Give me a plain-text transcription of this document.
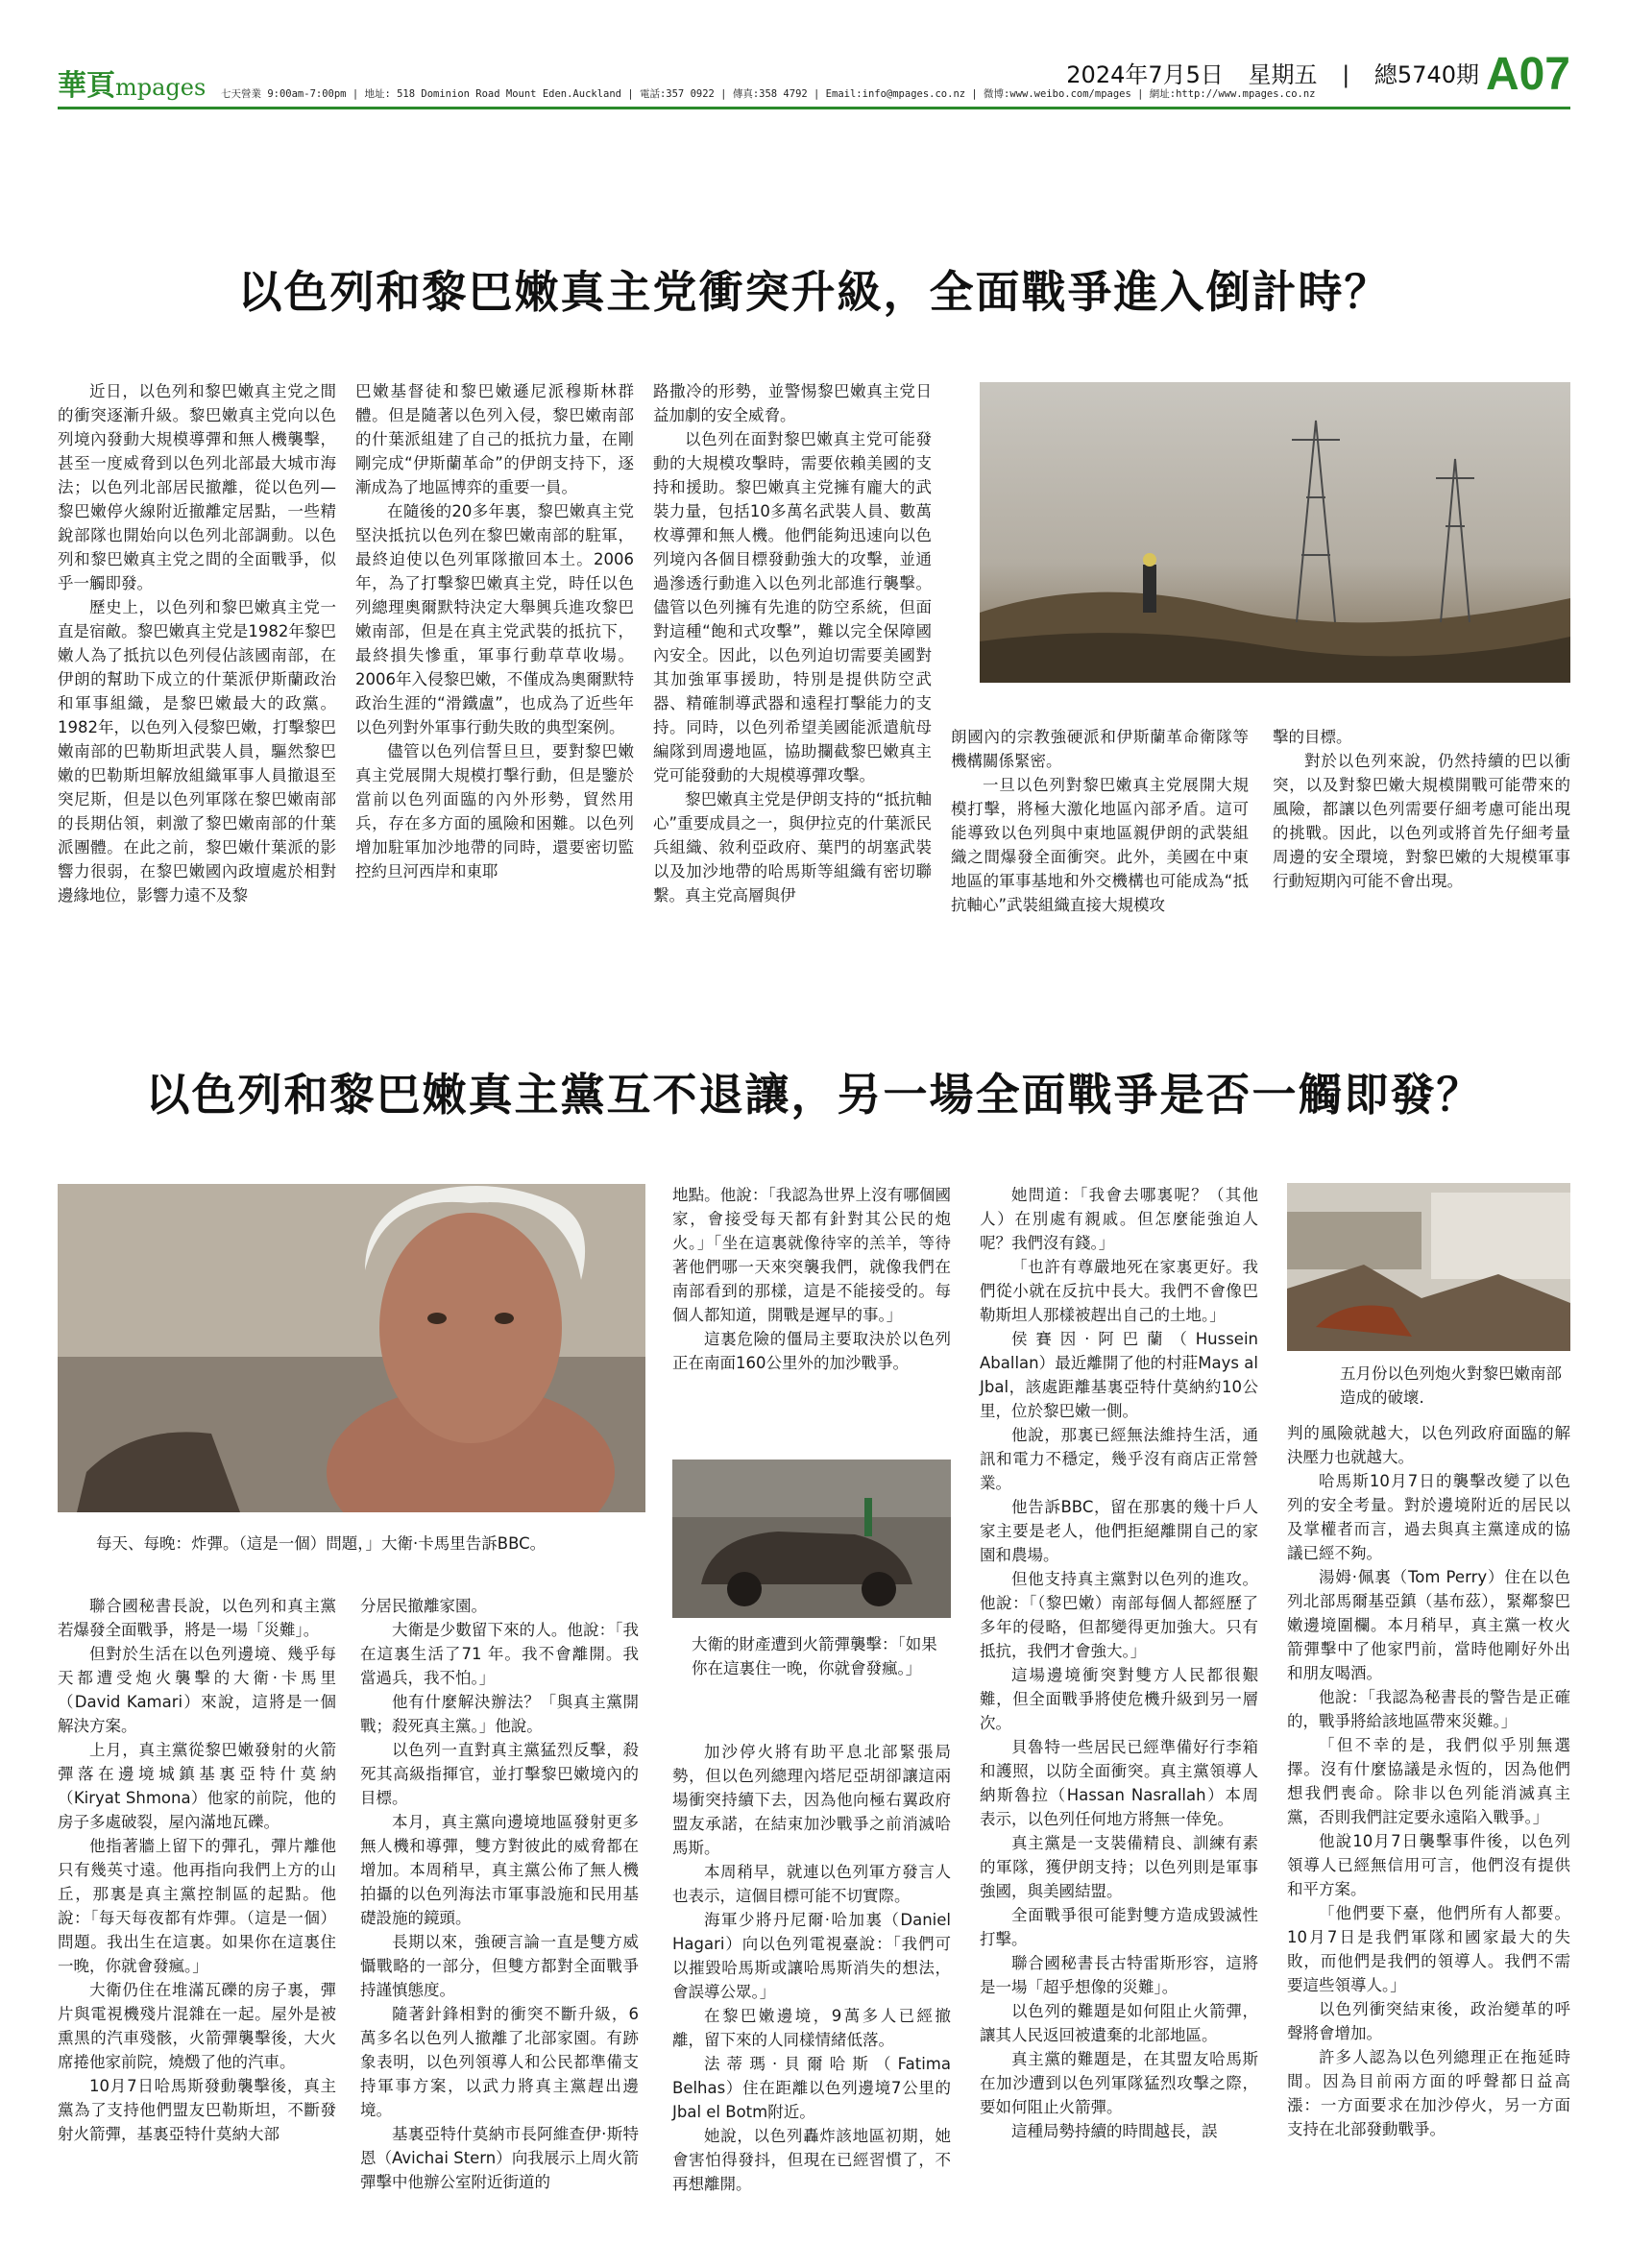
華頁mpages 七天營業 9:00am-7:00pm | 地址: 518 Dominion Road Mount Eden.Auckland | 電話:357 0922 | 傳真:358 4792 | Email:info@mpages.co.nz | 微博:www.weibo.com/mpages | 網址:http://www.mpages.co.nz
2024年7月5日 星期五 | 總5740期 A07
以色列和黎巴嫩真主党衝突升級，全面戰爭進入倒計時？

近日，以色列和黎巴嫩真主党之間的衝突逐漸升級。黎巴嫩真主党向以色列境內發動大規模導彈和無人機襲擊，甚至一度威脅到以色列北部最大城市海法；以色列北部居民撤離，從以色列—黎巴嫩停火線附近撤離定居點，一些精銳部隊也開始向以色列北部調動。以色列和黎巴嫩真主党之間的全面戰爭，似乎一觸即發。

歷史上，以色列和黎巴嫩真主党一直是宿敵。黎巴嫩真主党是1982年黎巴嫩人為了抵抗以色列侵佔該國南部，在伊朗的幫助下成立的什葉派伊斯蘭政治和軍事組織，是黎巴嫩最大的政黨。1982年，以色列入侵黎巴嫩，打擊黎巴嫩南部的巴勒斯坦武裝人員，驅然黎巴嫩的巴勒斯坦解放組織軍事人員撤退至突尼斯，但是以色列軍隊在黎巴嫩南部的長期佔領，刺激了黎巴嫩南部的什葉派團體。在此之前，黎巴嫩什葉派的影響力很弱，在黎巴嫩國內政壇處於相對邊緣地位，影響力遠不及黎

巴嫩基督徒和黎巴嫩遜尼派穆斯林群體。但是隨著以色列入侵，黎巴嫩南部的什葉派組建了自己的抵抗力量，在剛剛完成“伊斯蘭革命”的伊朗支持下，逐漸成為了地區博弈的重要一員。

在隨後的20多年裏，黎巴嫩真主党堅決抵抗以色列在黎巴嫩南部的駐軍，最終迫使以色列軍隊撤回本土。2006年，為了打擊黎巴嫩真主党，時任以色列總理奧爾默特決定大舉興兵進攻黎巴嫩南部，但是在真主党武裝的抵抗下，最終損失慘重，軍事行動草草收場。2006年入侵黎巴嫩，不僅成為奧爾默特政治生涯的“滑鐵盧”，也成為了近些年以色列對外軍事行動失敗的典型案例。

儘管以色列信誓旦旦，要對黎巴嫩真主党展開大規模打擊行動，但是鑒於當前以色列面臨的內外形勢，貿然用兵，存在多方面的風險和困難。以色列增加駐軍加沙地帶的同時，還要密切監控約旦河西岸和東耶

路撒冷的形勢，並警惕黎巴嫩真主党日益加劇的安全威脅。

以色列在面對黎巴嫩真主党可能發動的大規模攻擊時，需要依賴美國的支持和援助。黎巴嫩真主党擁有龐大的武裝力量，包括10多萬名武裝人員、數萬枚導彈和無人機。他們能夠迅速向以色列境內各個目標發動強大的攻擊，並通過滲透行動進入以色列北部進行襲擊。儘管以色列擁有先進的防空系統，但面對這種“飽和式攻擊”，難以完全保障國內安全。因此，以色列迫切需要美國對其加強軍事援助，特別是提供防空武器、精確制導武器和遠程打擊能力的支持。同時，以色列希望美國能派遣航母編隊到周邊地區，協助攔截黎巴嫩真主党可能發動的大規模導彈攻擊。

黎巴嫩真主党是伊朗支持的“抵抗軸心”重要成員之一，與伊拉克的什葉派民兵組織、敘利亞政府、葉門的胡塞武裝以及加沙地帶的哈馬斯等組織有密切聯繫。真主党高層與伊

朗國內的宗教強硬派和伊斯蘭革命衛隊等機構關係緊密。

一旦以色列對黎巴嫩真主党展開大規模打擊，將極大激化地區內部矛盾。這可能導致以色列與中東地區親伊朗的武裝組織之間爆發全面衝突。此外，美國在中東地區的軍事基地和外交機構也可能成為“抵抗軸心”武裝組織直接大規模攻

擊的目標。

對於以色列來說，仍然持續的巴以衝突，以及對黎巴嫩大規模開戰可能帶來的風險，都讓以色列需要仔細考慮可能出現的挑戰。因此，以色列或將首先仔細考量周邊的安全環境，對黎巴嫩的大規模軍事行動短期內可能不會出現。

以色列和黎巴嫩真主黨互不退讓，另一場全面戰爭是否一觸即發？
每天、每晚：炸彈。（這是一個）問題，」大衛·卡馬里告訴BBC。

聯合國秘書長說，以色列和真主黨若爆發全面戰爭，將是一場「災難」。

但對於生活在以色列邊境、幾乎每天都遭受炮火襲擊的大衛·卡馬里（David Kamari）來說，這將是一個解決方案。

上月，真主黨從黎巴嫩發射的火箭彈落在邊境城鎮基裏亞特什莫納（Kiryat Shmona）他家的前院，他的房子多處破裂，屋內滿地瓦礫。

他指著牆上留下的彈孔，彈片離他只有幾英寸遠。他再指向我們上方的山丘，那裏是真主黨控制區的起點。他說：「每天每夜都有炸彈。（這是一個）問題。我出生在這裏。如果你在這裏住一晚，你就會發瘋。」

大衛仍住在堆滿瓦礫的房子裏，彈片與電視機殘片混雜在一起。屋外是被熏黑的汽車殘骸，火箭彈襲擊後，大火席捲他家前院，燒燬了他的汽車。

10月7日哈馬斯發動襲擊後，真主黨為了支持他們盟友巴勒斯坦，不斷發射火箭彈，基裏亞特什莫納大部

分居民撤離家園。

大衛是少數留下來的人。他說：「我在這裏生活了71 年。我不會離開。我當過兵，我不怕。」

他有什麼解決辦法？「與真主黨開戰；殺死真主黨。」他說。

以色列一直對真主黨猛烈反擊，殺死其高級指揮官，並打擊黎巴嫩境內的目標。

本月，真主黨向邊境地區發射更多無人機和導彈，雙方對彼此的威脅都在增加。本周稍早，真主黨公佈了無人機拍攝的以色列海法市軍事設施和民用基礎設施的鏡頭。

長期以來，強硬言論一直是雙方威懾戰略的一部分，但雙方都對全面戰爭持謹慎態度。

隨著針鋒相對的衝突不斷升級，6萬多名以色列人撤離了北部家園。有跡象表明，以色列領導人和公民都準備支持軍事方案，以武力將真主黨趕出邊境。

基裏亞特什莫納市長阿維查伊·斯特恩（Avichai Stern）向我展示上周火箭彈擊中他辦公室附近街道的

地點。他說：「我認為世界上沒有哪個國家，會接受每天都有針對其公民的炮火。」「坐在這裏就像待宰的羔羊，等待著他們哪一天來突襲我們，就像我們在南部看到的那樣，這是不能接受的。每個人都知道，開戰是遲早的事。」

這裏危險的僵局主要取決於以色列正在南面160公里外的加沙戰爭。

大衛的財產遭到火箭彈襲擊：「如果你在這裏住一晚，你就會發瘋。」

加沙停火將有助平息北部緊張局勢，但以色列總理內塔尼亞胡卻讓這兩場衝突持續下去，因為他向極右翼政府盟友承諾，在結束加沙戰爭之前消滅哈馬斯。

本周稍早，就連以色列軍方發言人也表示，這個目標可能不切實際。

海軍少將丹尼爾·哈加裏（Daniel Hagari）向以色列電視臺說：「我們可以摧毀哈馬斯或讓哈馬斯消失的想法，會誤導公眾。」

在黎巴嫩邊境，9萬多人已經撤離，留下來的人同樣情緒低落。

法蒂瑪·貝爾哈斯（Fatima Belhas）住在距離以色列邊境7公里的Jbal el Botm附近。

她說，以色列轟炸該地區初期，她會害怕得發抖，但現在已經習慣了，不再想離開。

她問道：「我會去哪裏呢？（其他人）在別處有親戚。但怎麼能強迫人呢？我們沒有錢。」

「也許有尊嚴地死在家裏更好。我們從小就在反抗中長大。我們不會像巴勒斯坦人那樣被趕出自己的土地。」

侯賽因·阿巴蘭（Hussein Aballan）最近離開了他的村莊Mays al Jbal，該處距離基裏亞特什莫納約10公里，位於黎巴嫩一側。

他說，那裏已經無法維持生活，通訊和電力不穩定，幾乎沒有商店正常營業。

他告訴BBC，留在那裏的幾十戶人家主要是老人，他們拒絕離開自己的家園和農場。

但他支持真主黨對以色列的進攻。他說：「（黎巴嫩）南部每個人都經歷了多年的侵略，但都變得更加強大。只有抵抗，我們才會強大。」

這場邊境衝突對雙方人民都很艱難，但全面戰爭將使危機升級到另一層次。

貝魯特一些居民已經準備好行李箱和護照，以防全面衝突。真主黨領導人納斯魯拉（Hassan Nasrallah）本周表示，以色列任何地方將無一倖免。

真主黨是一支裝備精良、訓練有素的軍隊，獲伊朗支持；以色列則是軍事強國，與美國結盟。

全面戰爭很可能對雙方造成毀滅性打擊。

聯合國秘書長古特雷斯形容，這將是一場「超乎想像的災難」。

以色列的難題是如何阻止火箭彈，讓其人民返回被遺棄的北部地區。

真主黨的難題是，在其盟友哈馬斯在加沙遭到以色列軍隊猛烈攻擊之際，要如何阻止火箭彈。

這種局勢持續的時間越長，誤

五月份以色列炮火對黎巴嫩南部造成的破壞.

判的風險就越大，以色列政府面臨的解決壓力也就越大。

哈馬斯10月7日的襲擊改變了以色列的安全考量。對於邊境附近的居民以及掌權者而言，過去與真主黨達成的協議已經不夠。

湯姆·佩裏（Tom Perry）住在以色列北部馬爾基亞鎮（基布茲），緊鄰黎巴嫩邊境圍欄。本月稍早，真主黨一枚火箭彈擊中了他家門前，當時他剛好外出和朋友喝酒。

他說：「我認為秘書長的警告是正確的，戰爭將給該地區帶來災難。」

「但不幸的是，我們似乎別無選擇。沒有什麼協議是永恆的，因為他們想我們喪命。除非以色列能消滅真主黨，否則我們註定要永遠陷入戰爭。」

他說10月7日襲擊事件後，以色列領導人已經無信用可言，他們沒有提供和平方案。

「他們要下臺，他們所有人都要。10月7日是我們軍隊和國家最大的失敗，而他們是我們的領導人。我們不需要這些領導人。」

以色列衝突結束後，政治變革的呼聲將會增加。

許多人認為以色列總理正在拖延時間。因為目前兩方面的呼聲都日益高漲：一方面要求在加沙停火，另一方面支持在北部發動戰爭。
